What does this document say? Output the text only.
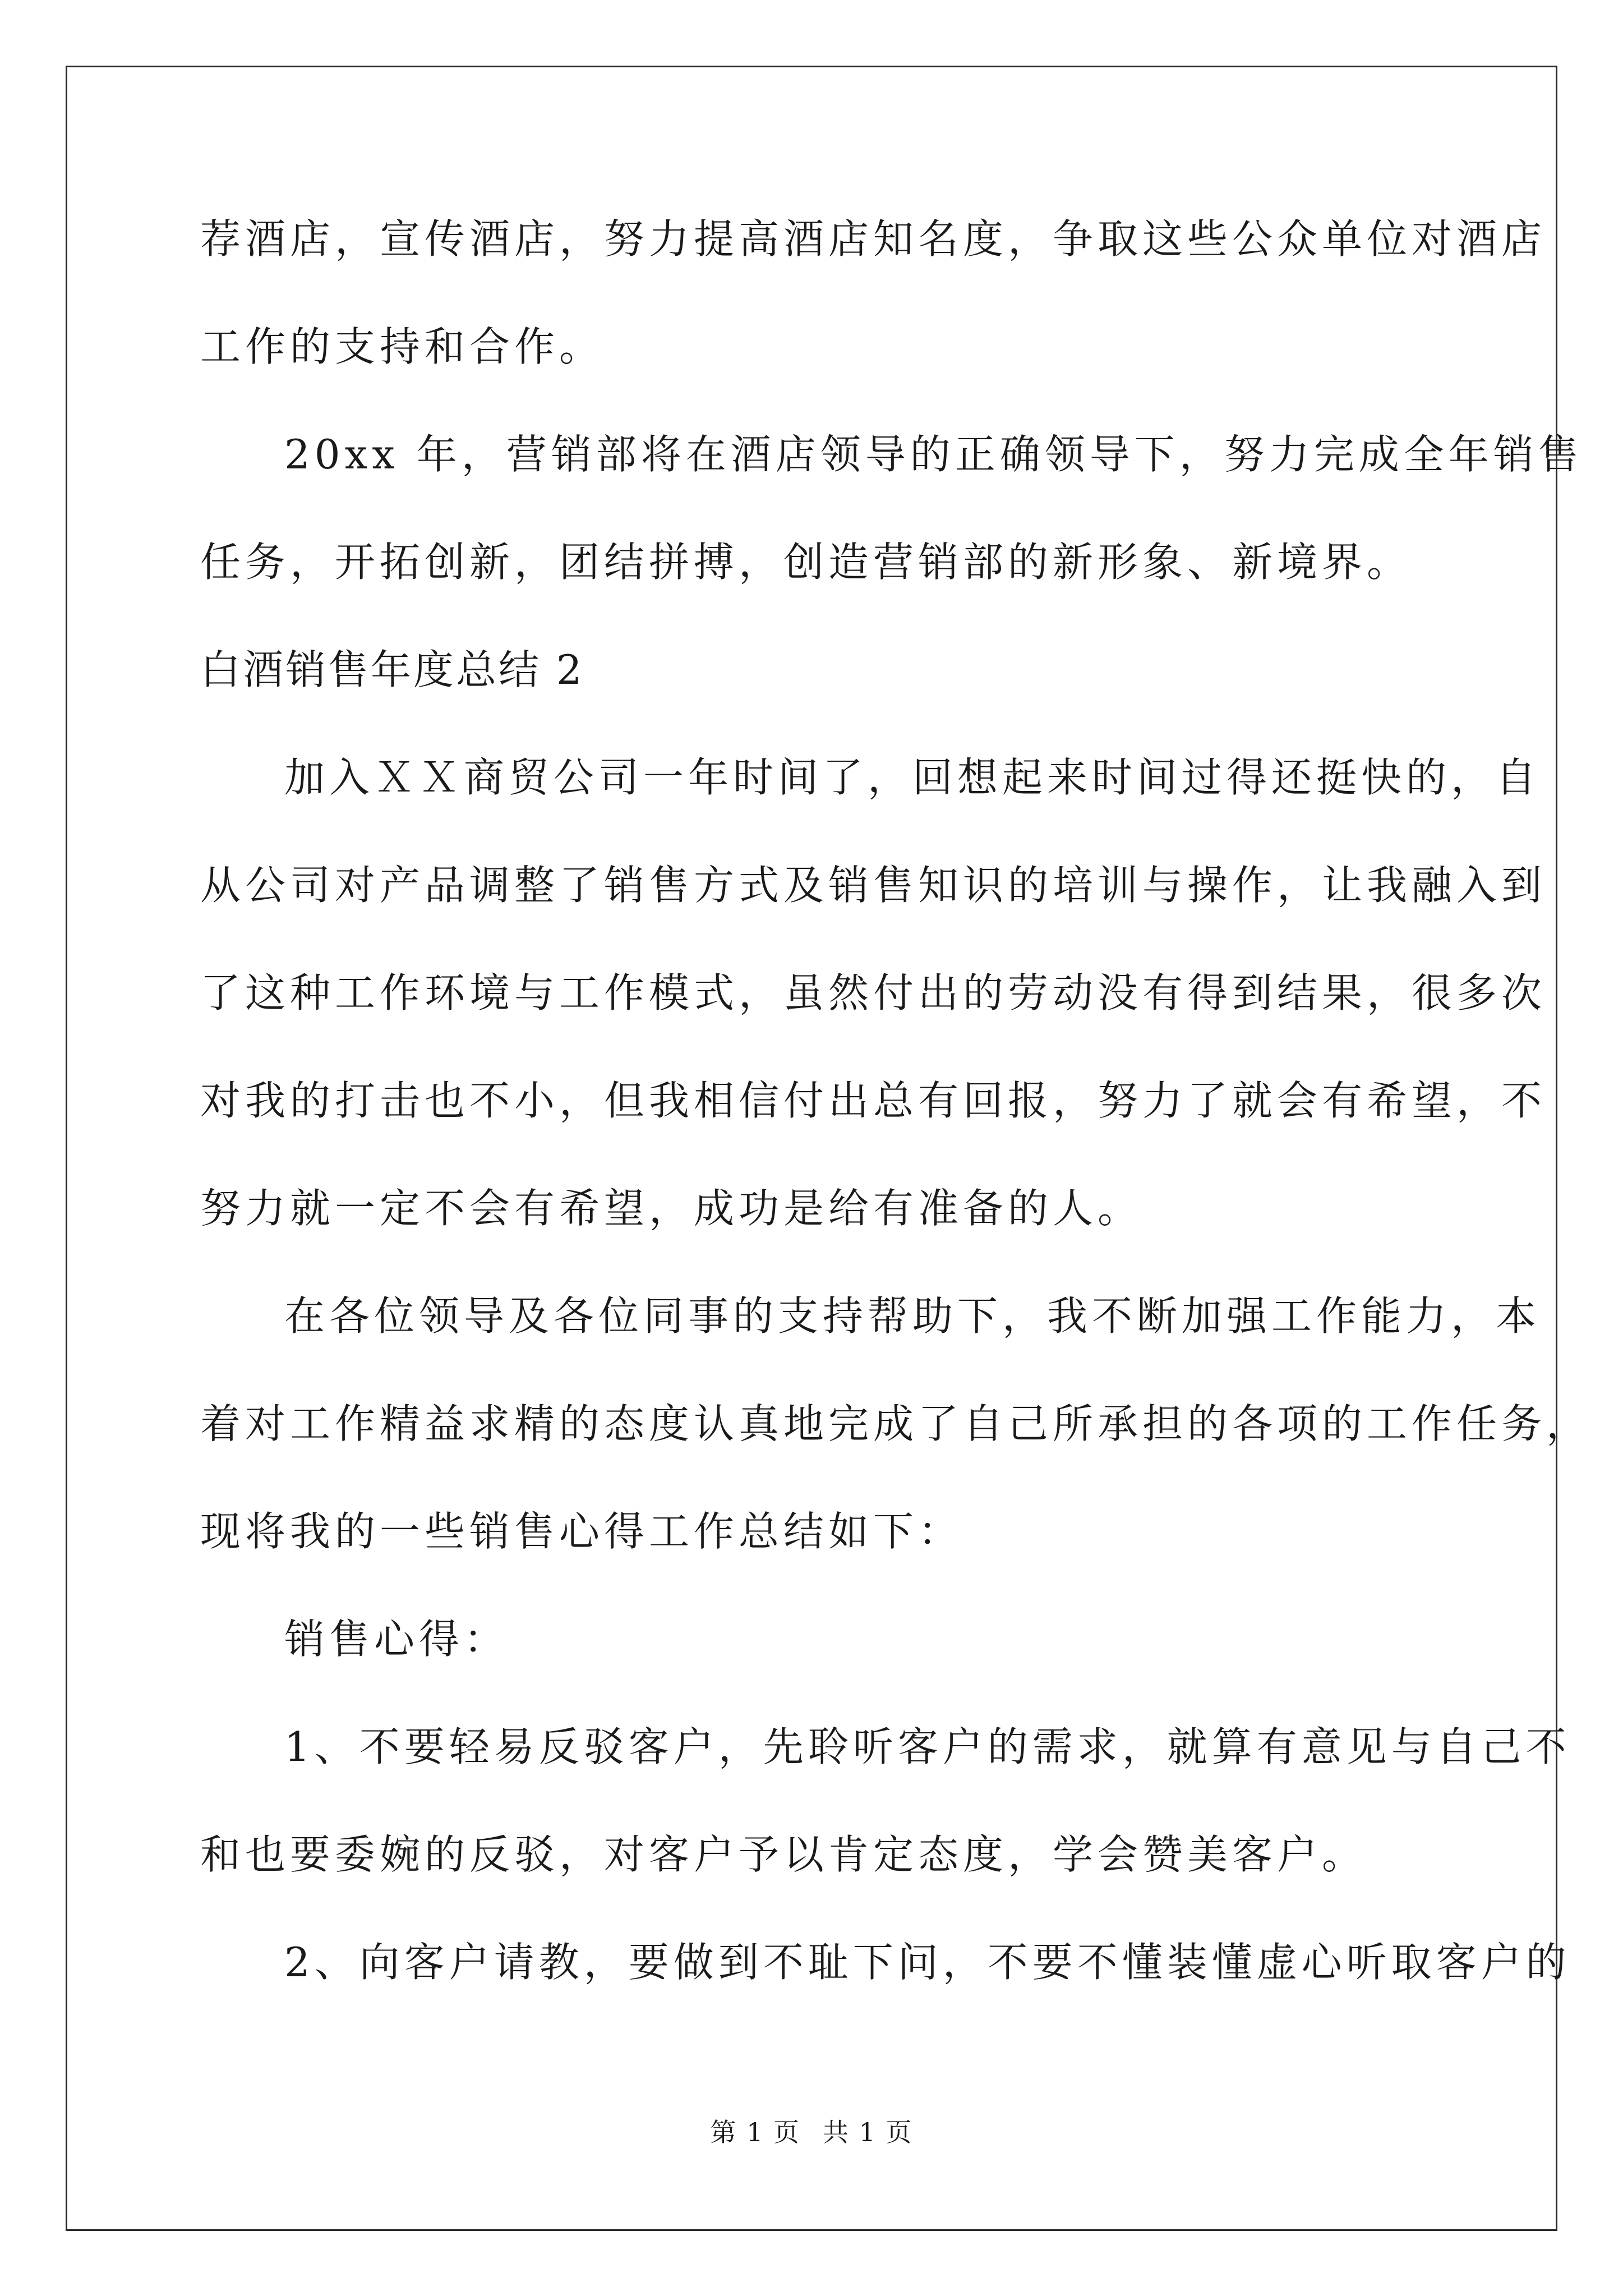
荐酒店，宣传酒店，努力提高酒店知名度，争取这些公众单位对酒店
工作的支持和合作。
20xx 年，营销部将在酒店领导的正确领导下，努力完成全年销售
任务，开拓创新，团结拼搏，创造营销部的新形象、新境界。
白酒销售年度总结 2
加入ＸＸ商贸公司一年时间了，回想起来时间过得还挺快的，自
从公司对产品调整了销售方式及销售知识的培训与操作，让我融入到
了这种工作环境与工作模式，虽然付出的劳动没有得到结果，很多次
对我的打击也不小，但我相信付出总有回报，努力了就会有希望，不
努力就一定不会有希望，成功是给有准备的人。
在各位领导及各位同事的支持帮助下，我不断加强工作能力，本
着对工作精益求精的态度认真地完成了自己所承担的各项的工作任务，
现将我的一些销售心得工作总结如下：
销售心得：
1、不要轻易反驳客户，先聆听客户的需求，就算有意见与自己不
和也要委婉的反驳，对客户予以肯定态度，学会赞美客户。
2、向客户请教，要做到不耻下问，不要不懂装懂虚心听取客户的
第 1 页 共 1 页
